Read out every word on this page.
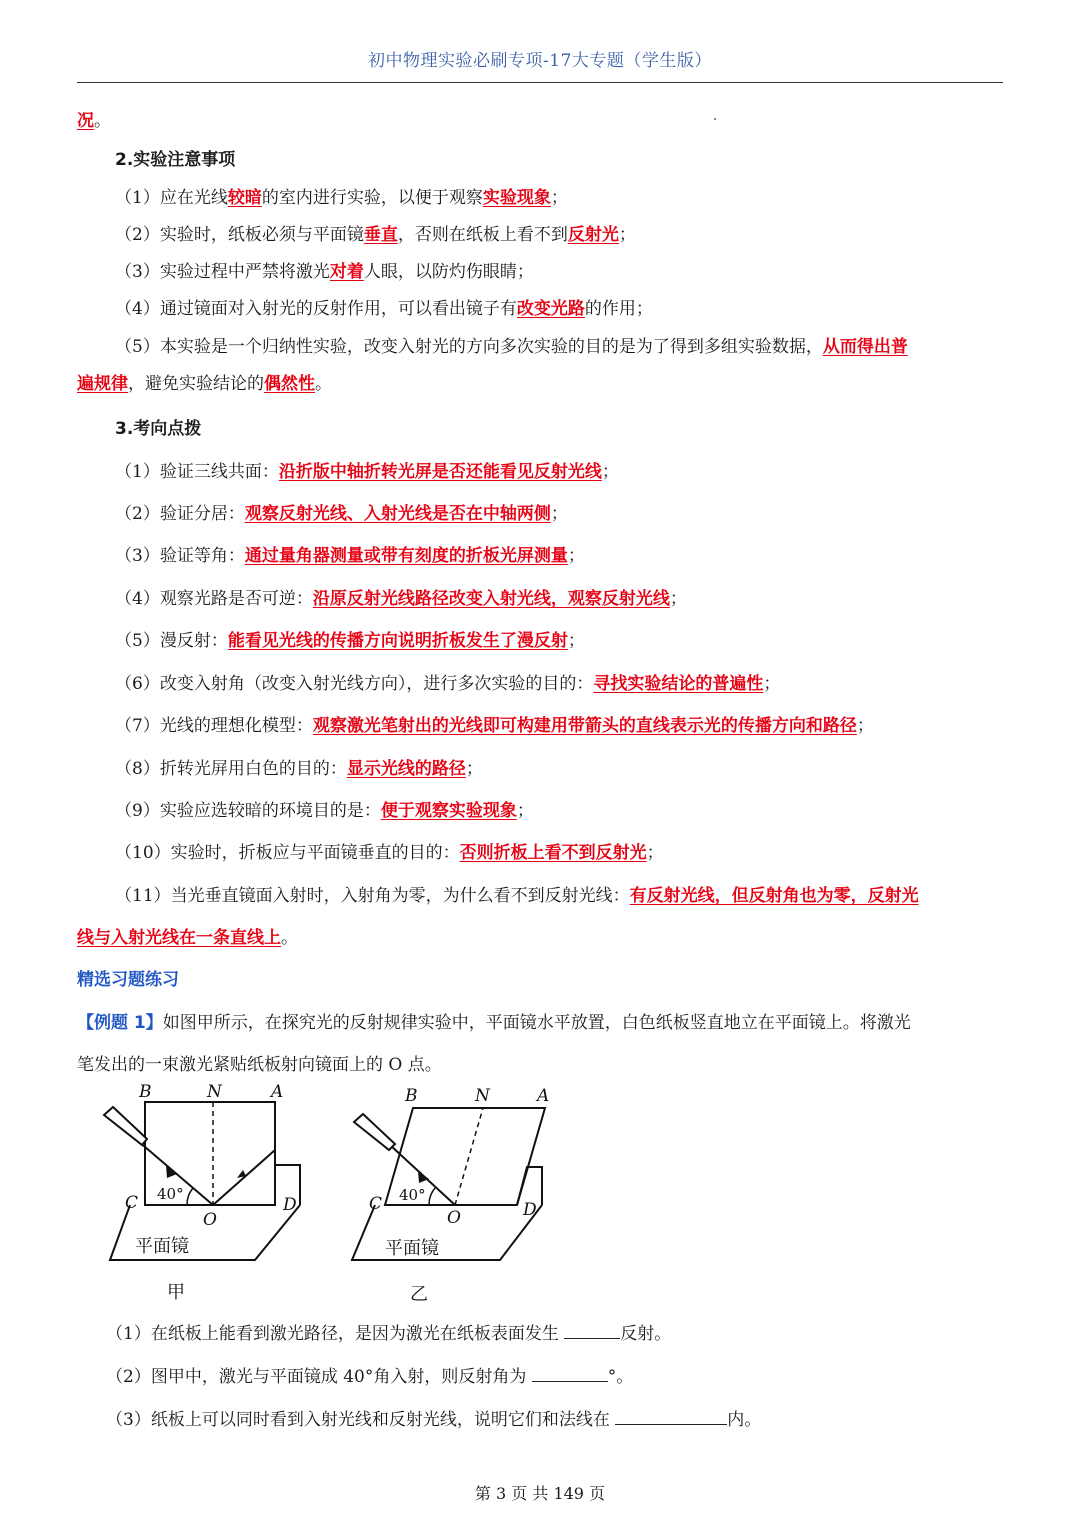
初中物理实验必刷专项-17大专题（学生版）
况。
2.实验注意事项
（1）应在光线较暗的室内进行实验，以便于观察实验现象；
（2）实验时，纸板必须与平面镜垂直，否则在纸板上看不到反射光；
（3）实验过程中严禁将激光对着人眼，以防灼伤眼睛；
（4）通过镜面对入射光的反射作用，可以看出镜子有改变光路的作用；
（5）本实验是一个归纳性实验，改变入射光的方向多次实验的目的是为了得到多组实验数据，从而得出普
遍规律，避免实验结论的偶然性。
3.考向点拨
（1）验证三线共面：沿折版中轴折转光屏是否还能看见反射光线；
（2）验证分居：观察反射光线、入射光线是否在中轴两侧；
（3）验证等角：通过量角器测量或带有刻度的折板光屏测量；
（4）观察光路是否可逆：沿原反射光线路径改变入射光线，观察反射光线；
（5）漫反射：能看见光线的传播方向说明折板发生了漫反射；
（6）改变入射角（改变入射光线方向），进行多次实验的目的：寻找实验结论的普遍性；
（7）光线的理想化模型：观察激光笔射出的光线即可构建用带箭头的直线表示光的传播方向和路径；
（8）折转光屏用白色的目的：显示光线的路径；
（9）实验应选较暗的环境目的是：便于观察实验现象；
（10）实验时，折板应与平面镜垂直的目的：否则折板上看不到反射光；
（11）当光垂直镜面入射时，入射角为零，为什么看不到反射光线：有反射光线，但反射角也为零，反射光
线与入射光线在一条直线上。
精选习题练习
【例题 1】如图甲所示，在探究光的反射规律实验中，平面镜水平放置，白色纸板竖直地立在平面镜上。将激光
笔发出的一束激光紧贴纸板射向镜面上的 O 点。
B	N	A
C	D
O
40°
平面镜
甲
B	N	A
C	D
O
40°
平面镜
乙
（1）在纸板上能看到激光路径，是因为激光在纸板表面发生	反射。
（2）图甲中，激光与平面镜成 40°角入射，则反射角为	°。
（3）纸板上可以同时看到入射光线和反射光线，说明它们和法线在	内。
第 3 页 共 149 页
